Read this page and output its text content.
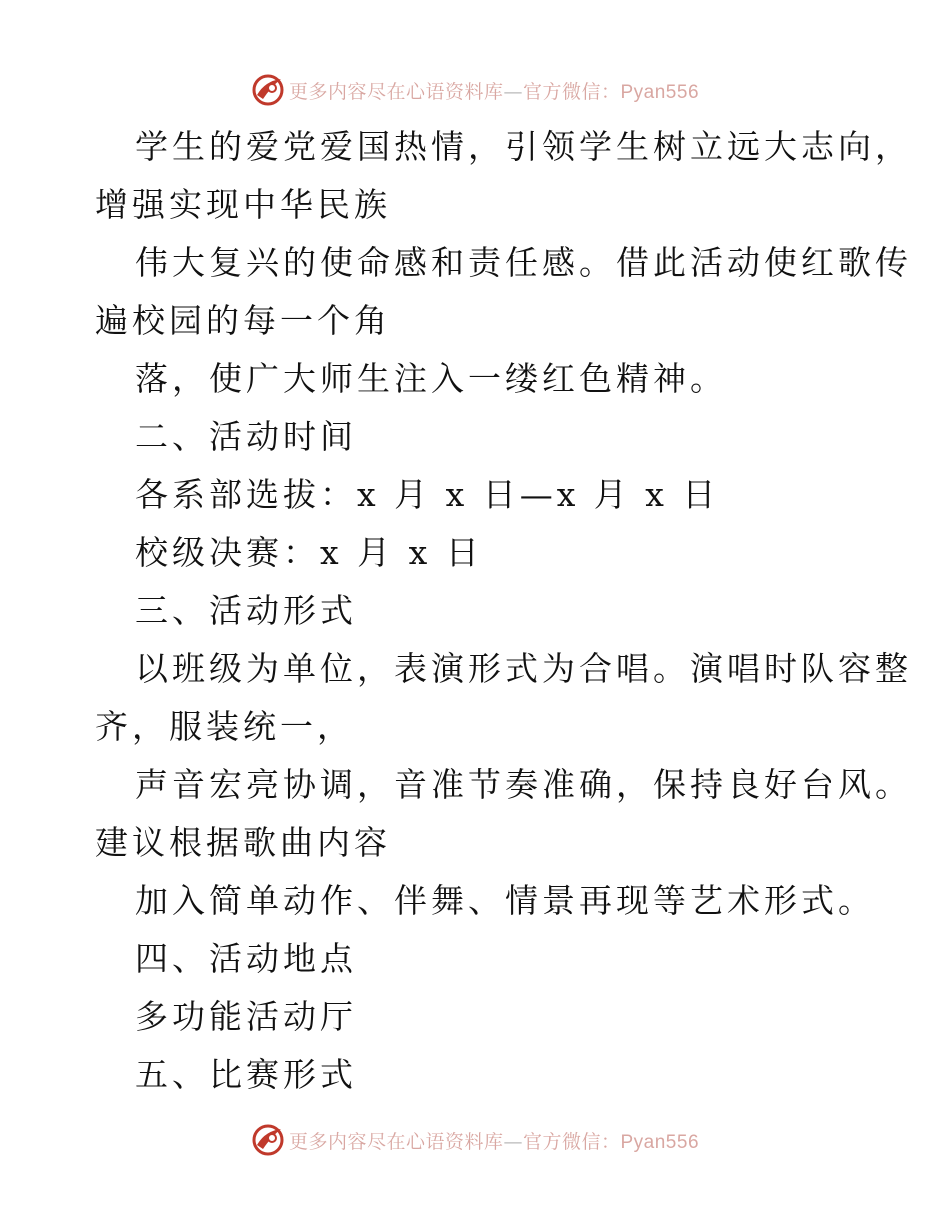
更多内容尽在心语资料库—官方微信：Pyan556
学生的爱党爱国热情，引领学生树立远大志向，
增强实现中华民族
伟大复兴的使命感和责任感。借此活动使红歌传
遍校园的每一个角
落，使广大师生注入一缕红色精神。
二、活动时间
各系部选拔：x 月 x 日—x 月 x 日
校级决赛：x 月 x 日
三、活动形式
以班级为单位，表演形式为合唱。演唱时队容整
齐，服装统一，
声音宏亮协调，音准节奏准确，保持良好台风。
建议根据歌曲内容
加入简单动作、伴舞、情景再现等艺术形式。
四、活动地点
多功能活动厅
五、比赛形式
更多内容尽在心语资料库—官方微信：Pyan556
